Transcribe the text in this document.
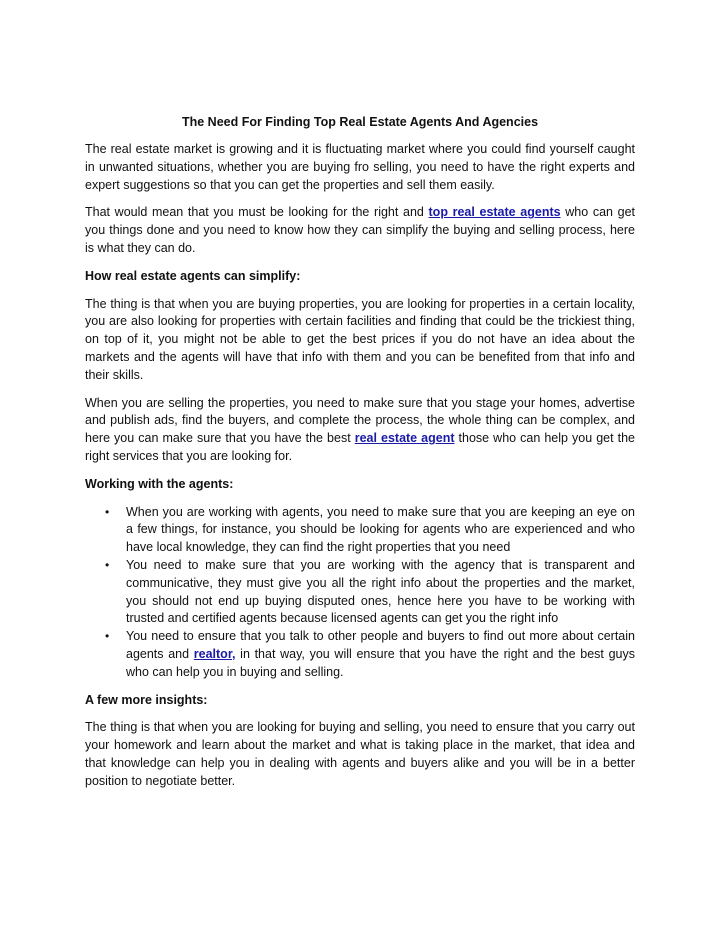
The Need For Finding Top Real Estate Agents And Agencies

The real estate market is growing and it is fluctuating market where you could find yourself caught in unwanted situations, whether you are buying fro selling, you need to have the right experts and expert suggestions so that you can get the properties and sell them easily.

That would mean that you must be looking for the right and top real estate agents who can get you things done and you need to know how they can simplify the buying and selling process, here is what they can do.

How real estate agents can simplify:

The thing is that when you are buying properties, you are looking for properties in a certain locality, you are also looking for properties with certain facilities and finding that could be the trickiest thing, on top of it, you might not be able to get the best prices if you do not have an idea about the markets and the agents will have that info with them and you can be benefited from that info and their skills.

When you are selling the properties, you need to make sure that you stage your homes, advertise and publish ads, find the buyers, and complete the process, the whole thing can be complex, and here you can make sure that you have the best real estate agent those who can help you get the right services that you are looking for.

Working with the agents:
• When you are working with agents, you need to make sure that you are keeping an eye on a few things, for instance, you should be looking for agents who are experienced and who have local knowledge, they can find the right properties that you need
• You need to make sure that you are working with the agency that is transparent and communicative, they must give you all the right info about the properties and the market, you should not end up buying disputed ones, hence here you have to be working with trusted and certified agents because licensed agents can get you the right info
• You need to ensure that you talk to other people and buyers to find out more about certain agents and realtor, in that way, you will ensure that you have the right and the best guys who can help you in buying and selling.
A few more insights:

The thing is that when you are looking for buying and selling, you need to ensure that you carry out your homework and learn about the market and what is taking place in the market, that idea and that knowledge can help you in dealing with agents and buyers alike and you will be in a better position to negotiate better.
